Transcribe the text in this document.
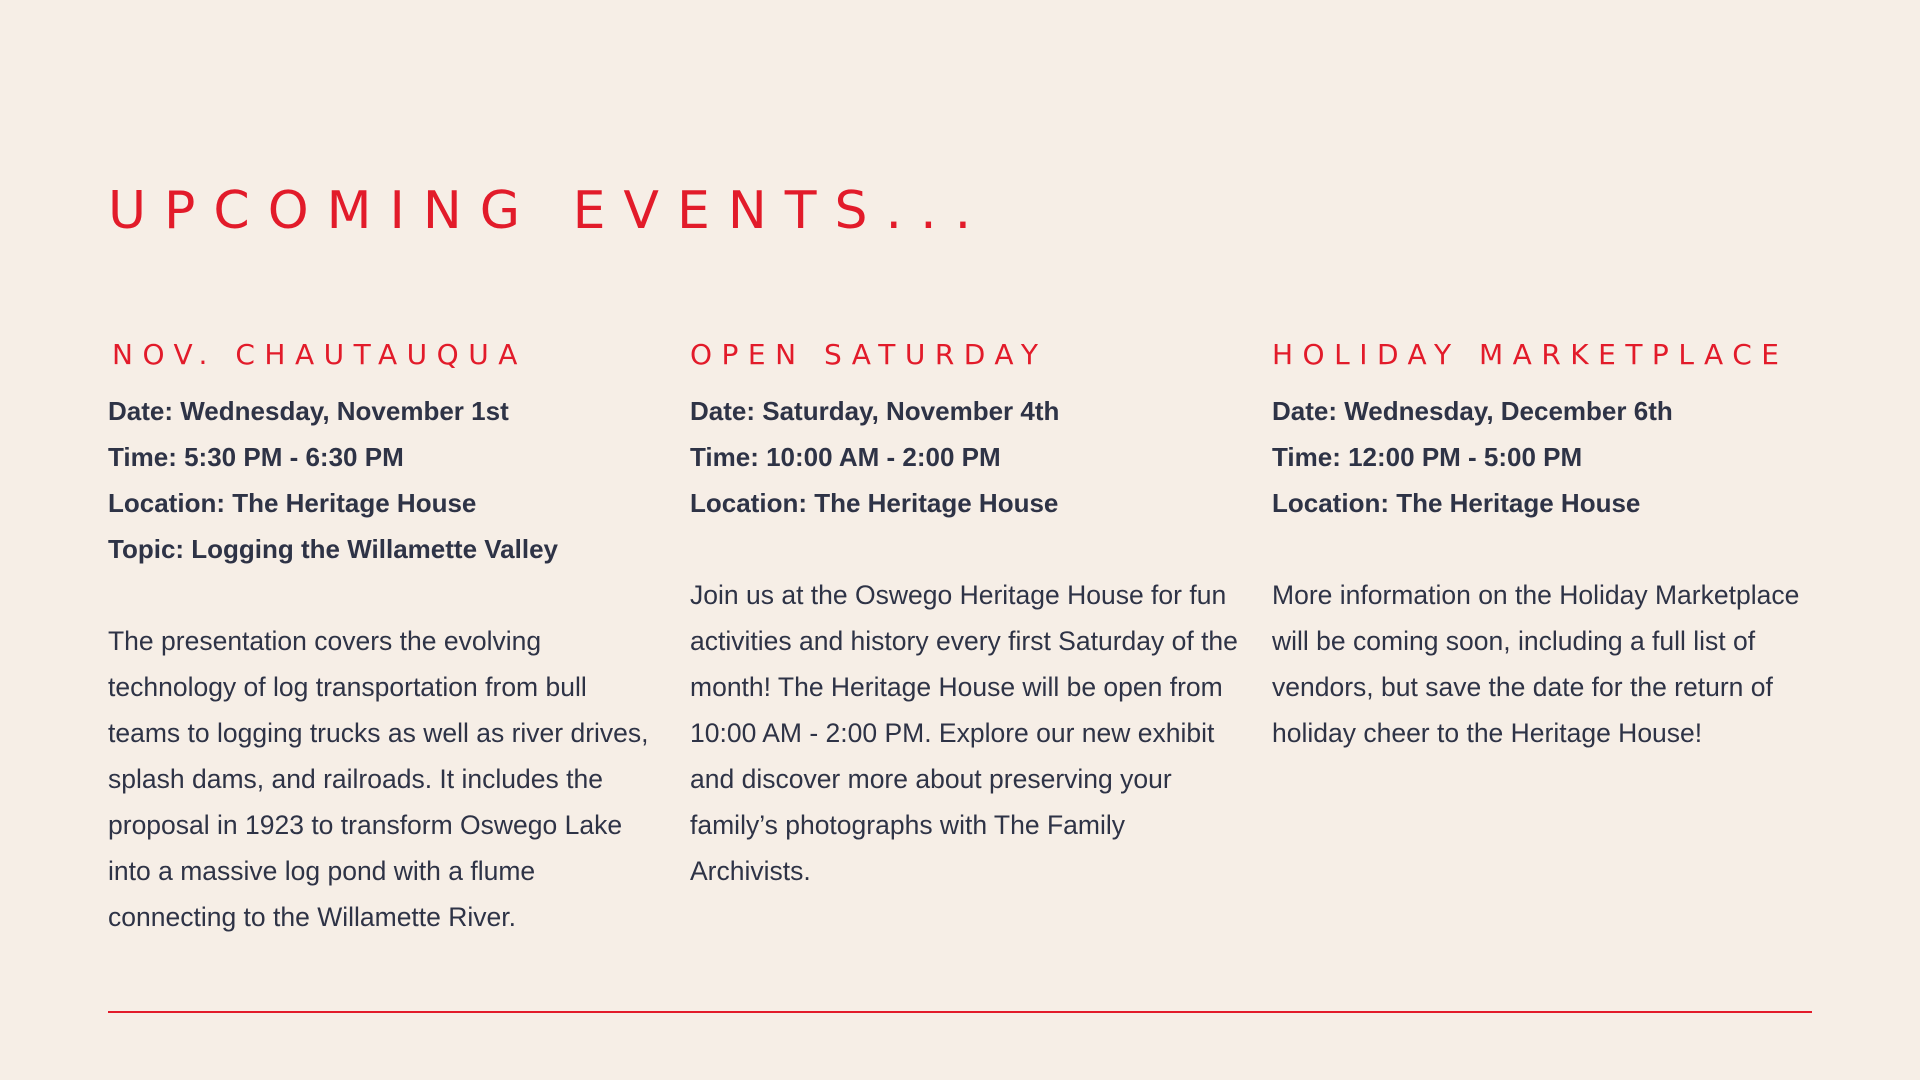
UPCOMING EVENTS...
NOV. CHAUTAUQUA
Date: Wednesday, November 1st
Time: 5:30 PM - 6:30 PM
Location: The Heritage House
Topic: Logging the Willamette Valley

The presentation covers the evolving technology of log transportation from bull teams to logging trucks as well as river drives, splash dams, and railroads. It includes the proposal in 1923 to transform Oswego Lake into a massive log pond with a flume connecting to the Willamette River.

OPEN SATURDAY
Date: Saturday, November 4th
Time: 10:00 AM - 2:00 PM
Location: The Heritage House

Join us at the Oswego Heritage House for fun activities and history every first Saturday of the month! The Heritage House will be open from 10:00 AM - 2:00 PM. Explore our new exhibit and discover more about preserving your family’s photographs with The Family Archivists.

HOLIDAY MARKETPLACE
Date: Wednesday, December 6th
Time: 12:00 PM - 5:00 PM
Location: The Heritage House

More information on the Holiday Marketplace will be coming soon, including a full list of vendors, but save the date for the return of holiday cheer to the Heritage House!
